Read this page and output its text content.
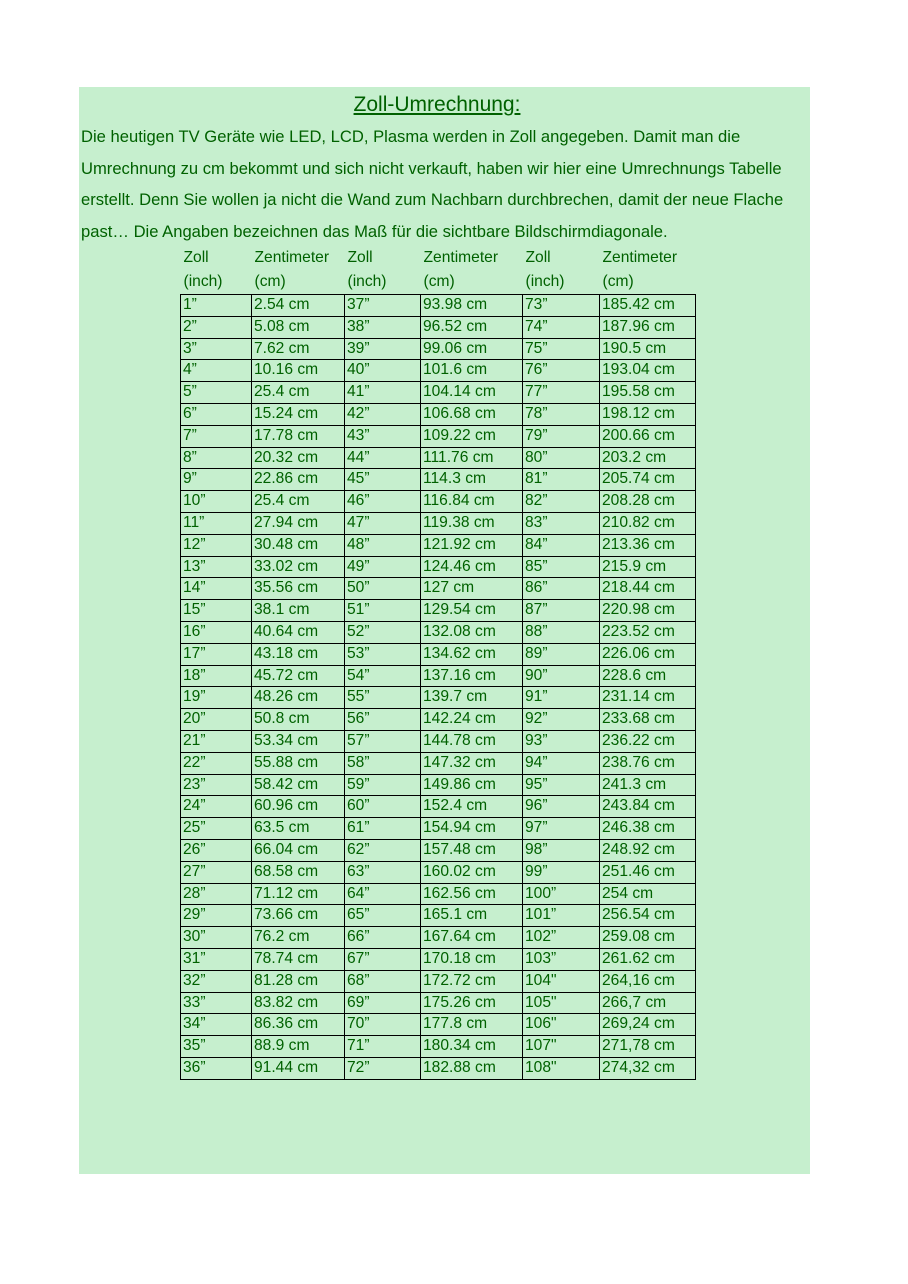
Zoll-Umrechnung:

Die heutigen TV Geräte wie LED, LCD, Plasma werden in Zoll angegeben. Damit man die
Umrechnung zu cm bekommt und sich nicht verkauft, haben wir hier eine Umrechnungs Tabelle
erstellt. Denn Sie wollen ja nicht die Wand zum Nachbarn durchbrechen, damit der neue Flache
past… Die Angaben bezeichnen das Maß für die sichtbare Bildschirmdiagonale.

Zoll
(inch)	Zentimeter
(cm)	Zoll
(inch)	Zentimeter
(cm)	Zoll
(inch)	Zentimeter
(cm)

1”	2.54 cm	37”	93.98 cm	73”	185.42 cm
2”	5.08 cm	38”	96.52 cm	74”	187.96 cm
3”	7.62 cm	39”	99.06 cm	75”	190.5 cm
4”	10.16 cm	40”	101.6 cm	76”	193.04 cm
5”	25.4 cm	41”	104.14 cm	77”	195.58 cm
6”	15.24 cm	42”	106.68 cm	78”	198.12 cm
7”	17.78 cm	43”	109.22 cm	79”	200.66 cm
8”	20.32 cm	44”	111.76 cm	80”	203.2 cm
9”	22.86 cm	45”	114.3 cm	81”	205.74 cm
10”	25.4 cm	46”	116.84 cm	82”	208.28 cm
11”	27.94 cm	47”	119.38 cm	83”	210.82 cm
12”	30.48 cm	48”	121.92 cm	84”	213.36 cm
13”	33.02 cm	49”	124.46 cm	85”	215.9 cm
14”	35.56 cm	50”	127 cm	86”	218.44 cm
15”	38.1 cm	51”	129.54 cm	87”	220.98 cm
16”	40.64 cm	52”	132.08 cm	88”	223.52 cm
17”	43.18 cm	53”	134.62 cm	89”	226.06 cm
18”	45.72 cm	54”	137.16 cm	90”	228.6 cm
19”	48.26 cm	55”	139.7 cm	91”	231.14 cm
20”	50.8 cm	56”	142.24 cm	92”	233.68 cm
21”	53.34 cm	57”	144.78 cm	93”	236.22 cm
22”	55.88 cm	58”	147.32 cm	94”	238.76 cm
23”	58.42 cm	59”	149.86 cm	95”	241.3 cm
24”	60.96 cm	60”	152.4 cm	96”	243.84 cm
25”	63.5 cm	61”	154.94 cm	97”	246.38 cm
26”	66.04 cm	62”	157.48 cm	98”	248.92 cm
27”	68.58 cm	63”	160.02 cm	99”	251.46 cm
28”	71.12 cm	64”	162.56 cm	100”	254 cm
29”	73.66 cm	65”	165.1 cm	101”	256.54 cm
30”	76.2 cm	66”	167.64 cm	102”	259.08 cm
31”	78.74 cm	67”	170.18 cm	103”	261.62 cm
32”	81.28 cm	68”	172.72 cm	104"	264,16 cm
33”	83.82 cm	69”	175.26 cm	105"	266,7 cm
34”	86.36 cm	70”	177.8 cm	106"	269,24 cm
35”	88.9 cm	71”	180.34 cm	107"	271,78 cm
36”	91.44 cm	72”	182.88 cm	108"	274,32 cm
